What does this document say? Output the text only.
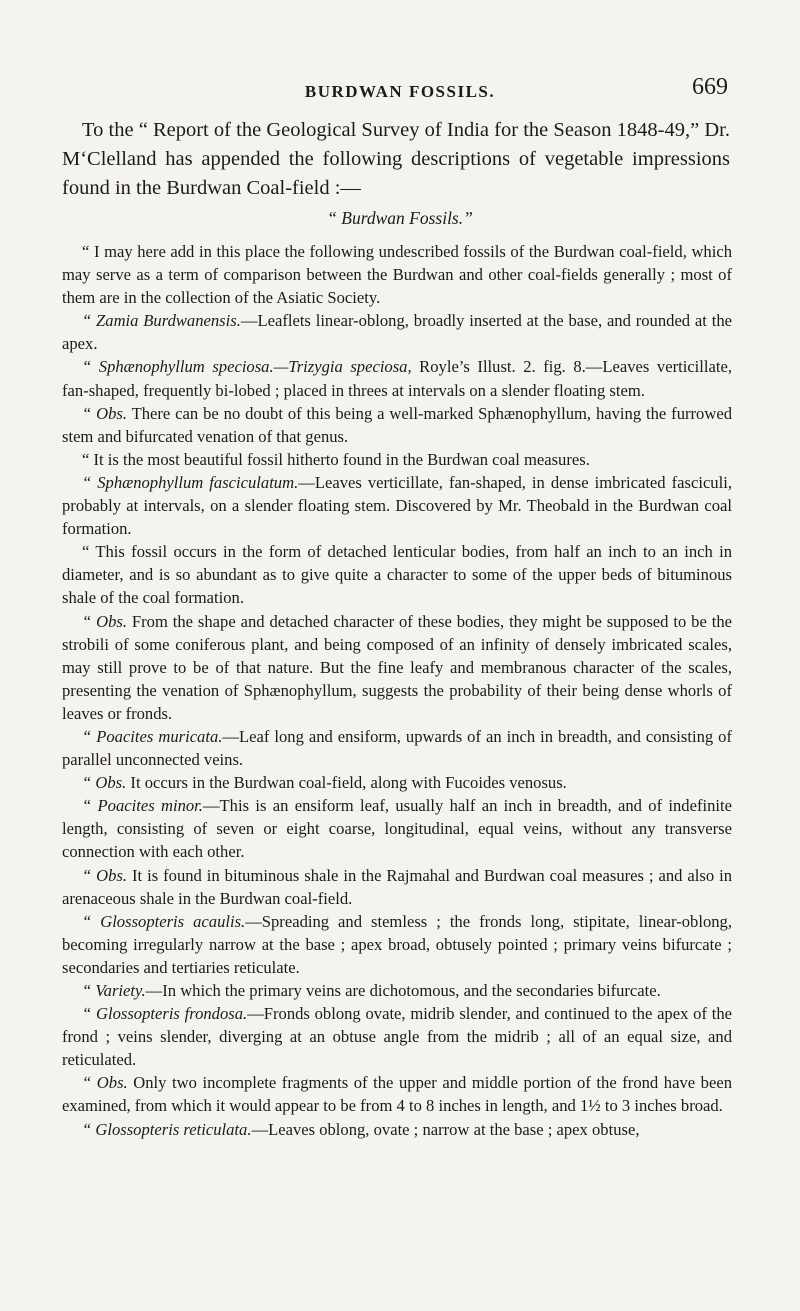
BURDWAN FOSSILS.	669

To the “ Report of the Geological Survey of India for the Season 1848-49,” Dr. M‘Clelland has appended the following descriptions of vegetable impressions found in the Burdwan Coal-field :—

“ Burdwan Fossils.”

“ I may here add in this place the following undescribed fossils of the Burdwan coal-field, which may serve as a term of comparison between the Burdwan and other coal-fields generally ; most of them are in the collection of the Asiatic Society.

“ Zamia Burdwanensis.—Leaflets linear-oblong, broadly inserted at the base, and rounded at the apex.

“ Sphænophyllum speciosa.—Trizygia speciosa, Royle’s Illust. 2. fig. 8.—Leaves verticillate, fan-shaped, frequently bi-lobed ; placed in threes at intervals on a slender floating stem.

“ Obs. There can be no doubt of this being a well-marked Sphænophyllum, having the furrowed stem and bifurcated venation of that genus.

“ It is the most beautiful fossil hitherto found in the Burdwan coal measures.

“ Sphænophyllum fasciculatum.—Leaves verticillate, fan-shaped, in dense imbricated fasciculi, probably at intervals, on a slender floating stem. Discovered by Mr. Theobald in the Burdwan coal formation.

“ This fossil occurs in the form of detached lenticular bodies, from half an inch to an inch in diameter, and is so abundant as to give quite a character to some of the upper beds of bituminous shale of the coal formation.

“ Obs. From the shape and detached character of these bodies, they might be supposed to be the strobili of some coniferous plant, and being composed of an infinity of densely imbricated scales, may still prove to be of that nature. But the fine leafy and membranous character of the scales, presenting the venation of Sphænophyllum, suggests the probability of their being dense whorls of leaves or fronds.

“ Poacites muricata.—Leaf long and ensiform, upwards of an inch in breadth, and consisting of parallel unconnected veins.

“ Obs. It occurs in the Burdwan coal-field, along with Fucoides venosus.

“ Poacites minor.—This is an ensiform leaf, usually half an inch in breadth, and of indefinite length, consisting of seven or eight coarse, longitudinal, equal veins, without any transverse connection with each other.

“ Obs. It is found in bituminous shale in the Rajmahal and Burdwan coal measures ; and also in arenaceous shale in the Burdwan coal-field.

“ Glossopteris acaulis.—Spreading and stemless ; the fronds long, stipitate, linear-oblong, becoming irregularly narrow at the base ; apex broad, obtusely pointed ; primary veins bifurcate ; secondaries and tertiaries reticulate.

“ Variety.—In which the primary veins are dichotomous, and the secondaries bifurcate.

“ Glossopteris frondosa.—Fronds oblong ovate, midrib slender, and continued to the apex of the frond ; veins slender, diverging at an obtuse angle from the midrib ; all of an equal size, and reticulated.

“ Obs. Only two incomplete fragments of the upper and middle portion of the frond have been examined, from which it would appear to be from 4 to 8 inches in length, and 1½ to 3 inches broad.

“ Glossopteris reticulata.—Leaves oblong, ovate ; narrow at the base ; apex obtuse,
